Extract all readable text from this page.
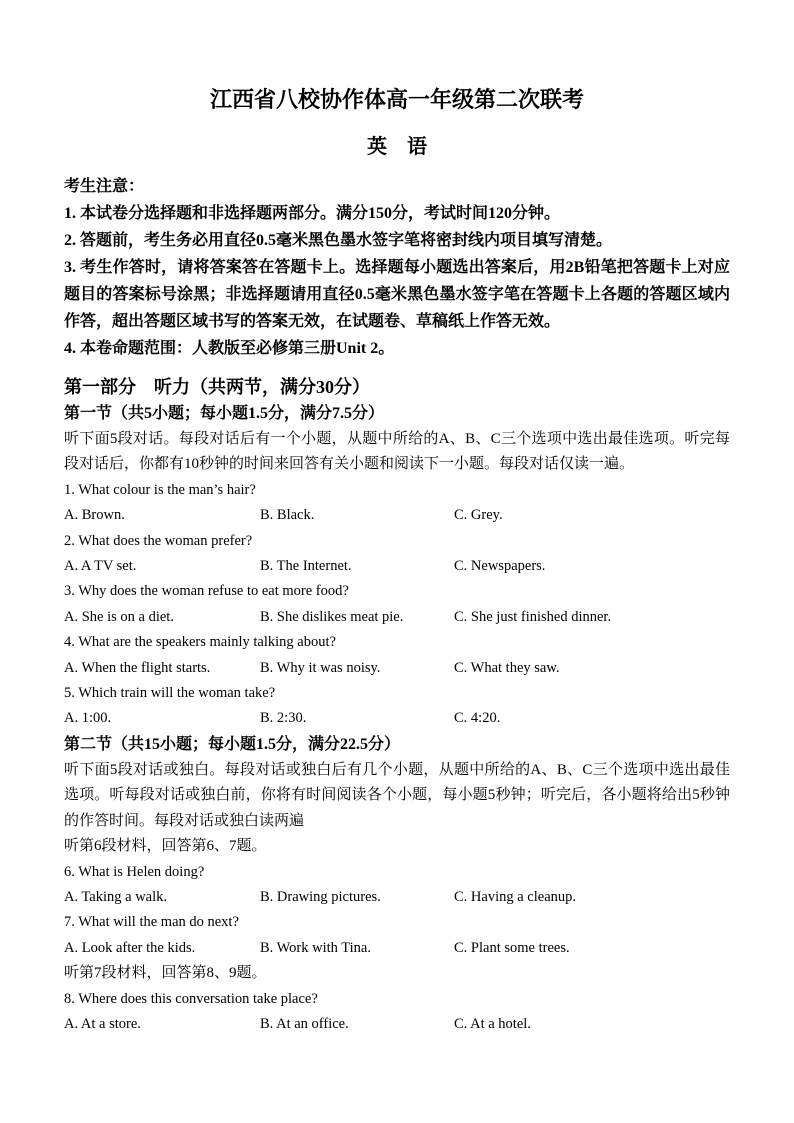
江西省八校协作体高一年级第二次联考
英　语

考生注意：

1. 本试卷分选择题和非选择题两部分。满分150分，考试时间120分钟。

2. 答题前，考生务必用直径0.5毫米黑色墨水签字笔将密封线内项目填写清楚。

3. 考生作答时，请将答案答在答题卡上。选择题每小题选出答案后，用2B铅笔把答题卡上对应题目的答案标号涂黑；非选择题请用直径0.5毫米黑色墨水签字笔在答题卡上各题的答题区域内作答，超出答题区域书写的答案无效，在试题卷、草稿纸上作答无效。

4. 本卷命题范围：人教版至必修第三册Unit 2。

第一部分　听力（共两节，满分30分）
第一节（共5小题；每小题1.5分，满分7.5分）

听下面5段对话。每段对话后有一个小题，从题中所给的A、B、C三个选项中选出最佳选项。听完每段对话后，你都有10秒钟的时间来回答有关小题和阅读下一小题。每段对话仅读一遍。

1. What colour is the man’s hair?
A. Brown.	B. Black.	C. Grey.
2. What does the woman prefer?
A. A TV set.	B. The Internet.	C. Newspapers.
3. Why does the woman refuse to eat more food?
A. She is on a diet.	B. She dislikes meat pie.	C. She just finished dinner.
4. What are the speakers mainly talking about?
A. When the flight starts.	B. Why it was noisy.	C. What they saw.
5. Which train will the woman take?
A. 1:00.	B. 2:30.	C. 4:20.
第二节（共15小题；每小题1.5分，满分22.5分）

听下面5段对话或独白。每段对话或独白后有几个小题，从题中所给的A、B、C三个选项中选出最佳选项。听每段对话或独白前，你将有时间阅读各个小题，每小题5秒钟；听完后，各小题将给出5秒钟的作答时间。每段对话或独白读两遍

听第6段材料，回答第6、7题。

6. What is Helen doing?
A. Taking a walk.	B. Drawing pictures.	C. Having a cleanup.
7. What will the man do next?
A. Look after the kids.	B. Work with Tina.	C. Plant some trees.

听第7段材料，回答第8、9题。

8. Where does this conversation take place?
A. At a store.	B. At an office.	C. At a hotel.
